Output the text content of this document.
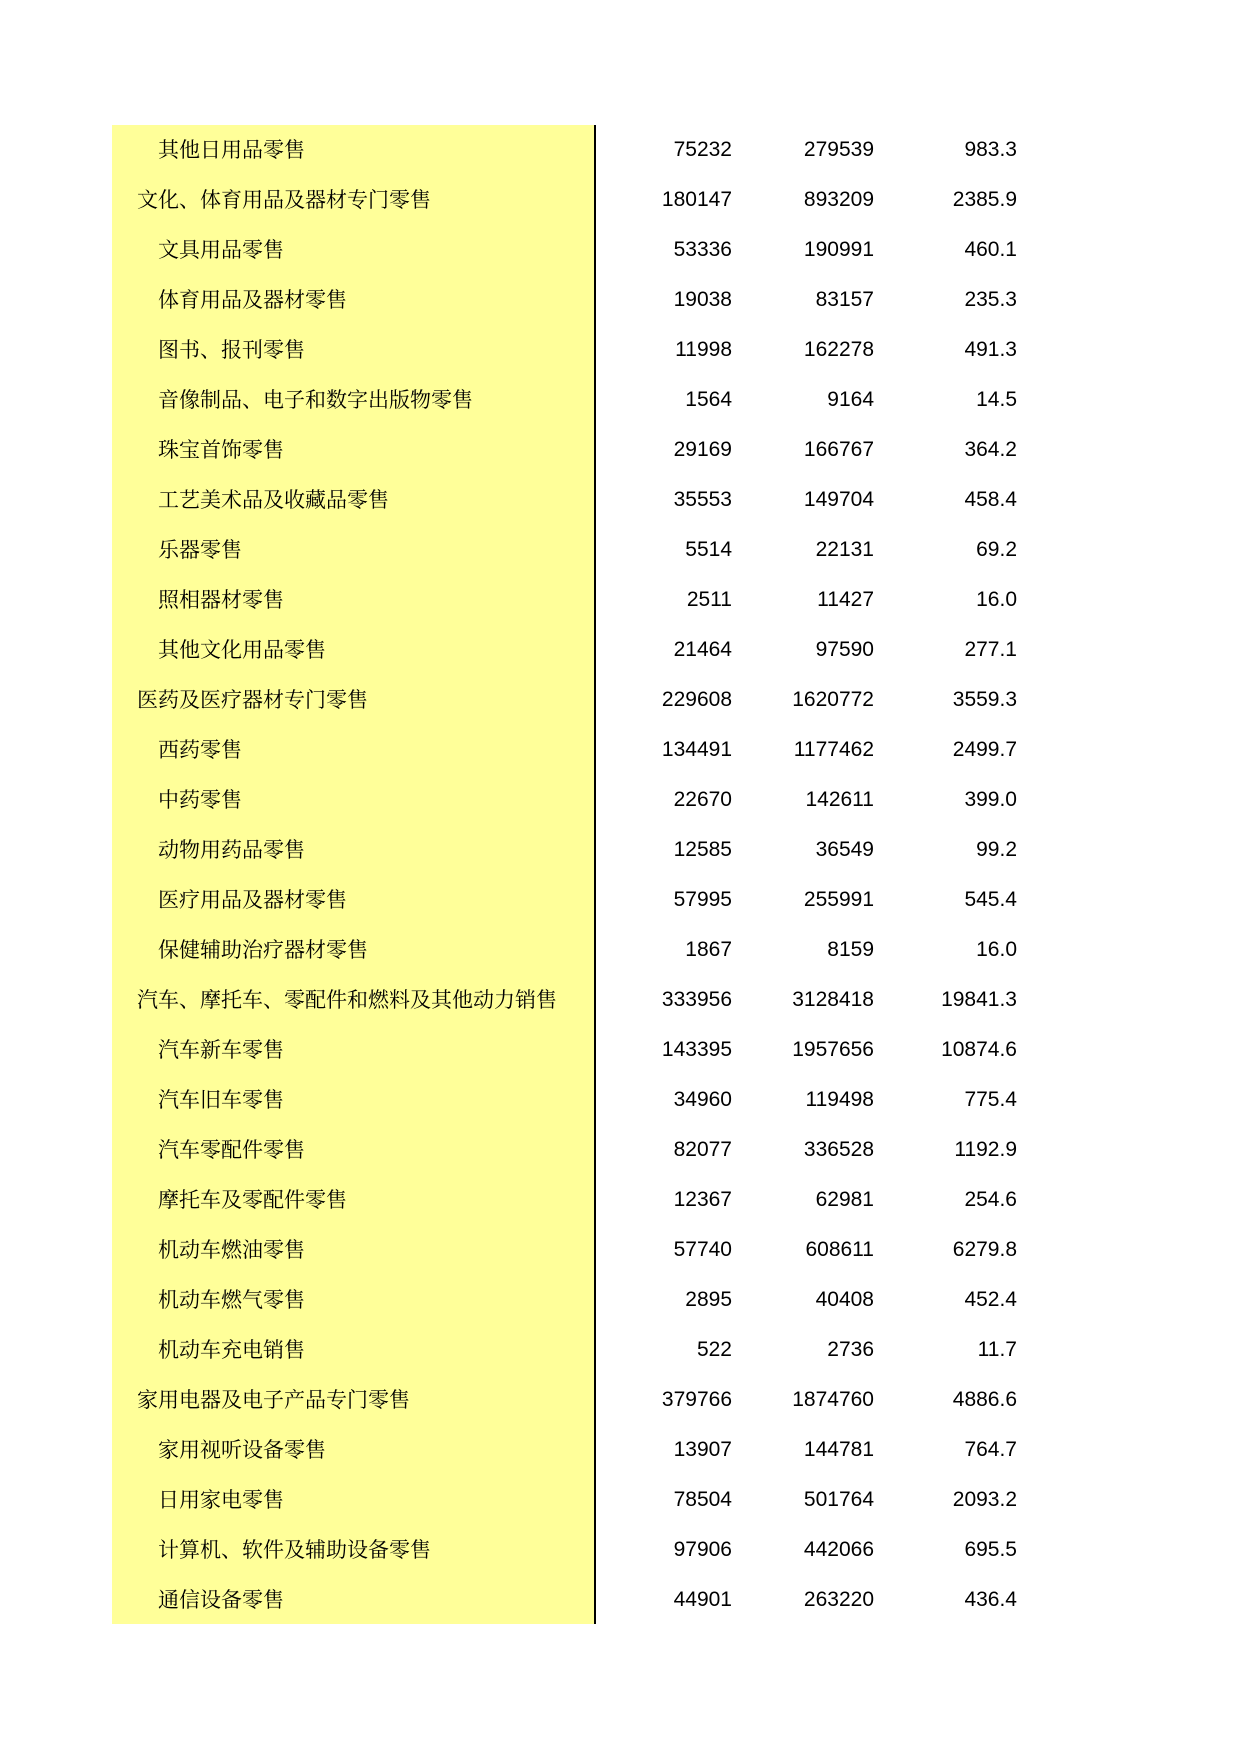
其他日用品零售	75232	279539	983.3
文化、体育用品及器材专门零售	180147	893209	2385.9
文具用品零售	53336	190991	460.1
体育用品及器材零售	19038	83157	235.3
图书、报刊零售	11998	162278	491.3
音像制品、电子和数字出版物零售	1564	9164	14.5
珠宝首饰零售	29169	166767	364.2
工艺美术品及收藏品零售	35553	149704	458.4
乐器零售	5514	22131	69.2
照相器材零售	2511	11427	16.0
其他文化用品零售	21464	97590	277.1
医药及医疗器材专门零售	229608	1620772	3559.3
西药零售	134491	1177462	2499.7
中药零售	22670	142611	399.0
动物用药品零售	12585	36549	99.2
医疗用品及器材零售	57995	255991	545.4
保健辅助治疗器材零售	1867	8159	16.0
汽车、摩托车、零配件和燃料及其他动力销售	333956	3128418	19841.3
汽车新车零售	143395	1957656	10874.6
汽车旧车零售	34960	119498	775.4
汽车零配件零售	82077	336528	1192.9
摩托车及零配件零售	12367	62981	254.6
机动车燃油零售	57740	608611	6279.8
机动车燃气零售	2895	40408	452.4
机动车充电销售	522	2736	11.7
家用电器及电子产品专门零售	379766	1874760	4886.6
家用视听设备零售	13907	144781	764.7
日用家电零售	78504	501764	2093.2
计算机、软件及辅助设备零售	97906	442066	695.5
通信设备零售	44901	263220	436.4
